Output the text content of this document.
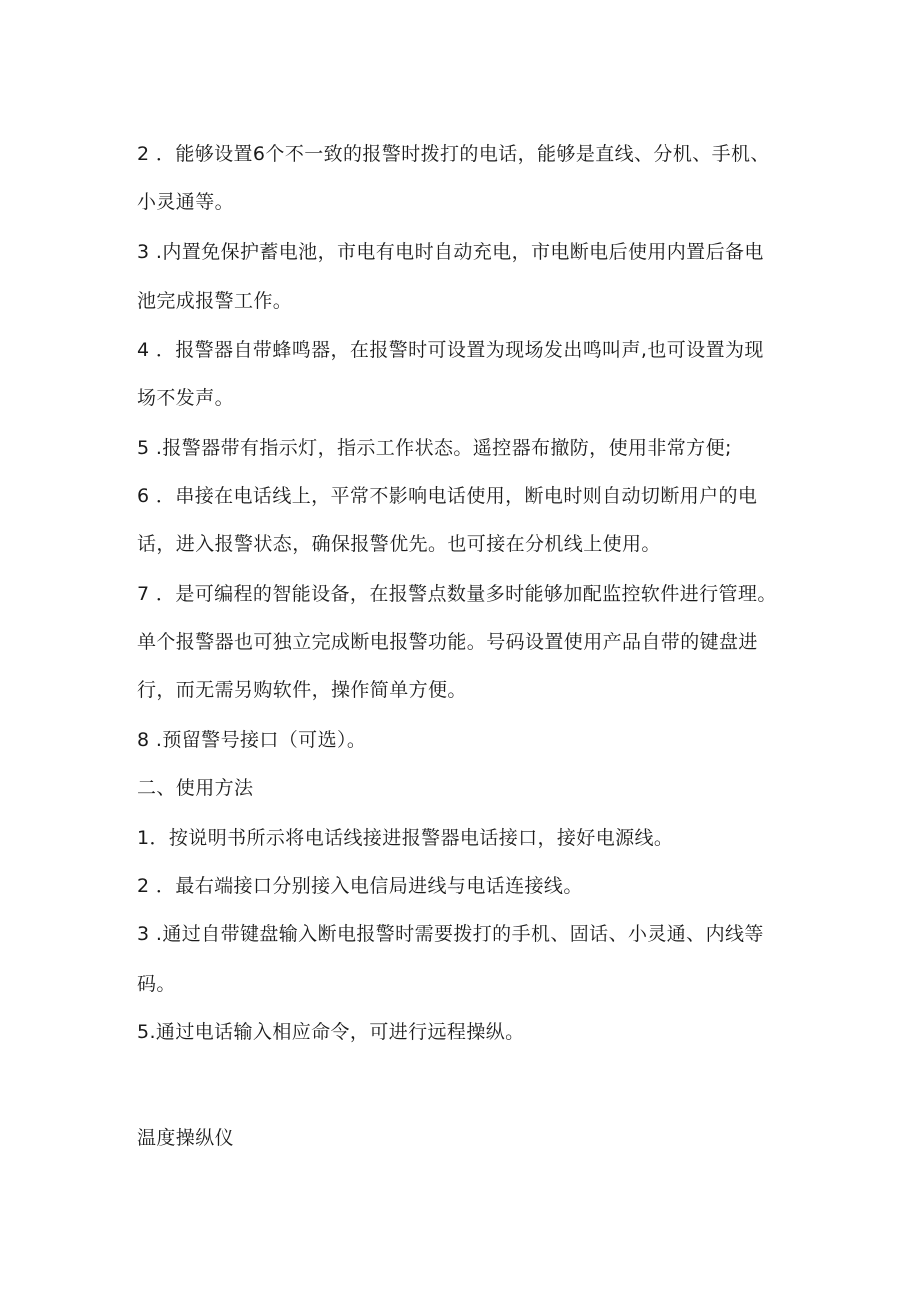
2 ．能够设置6个不一致的报警时拨打的电话，能够是直线、分机、手机、
小灵通等。
3 .内置免保护蓄电池，市电有电时自动充电，市电断电后使用内置后备电
池完成报警工作。
4 ．报警器自带蜂鸣器，在报警时可设置为现场发出鸣叫声,也可设置为现
场不发声。
5 .报警器带有指示灯，指示工作状态。遥控器布撤防，使用非常方便;
6 ．串接在电话线上，平常不影响电话使用，断电时则自动切断用户的电
话，进入报警状态，确保报警优先。也可接在分机线上使用。
7 ．是可编程的智能设备，在报警点数量多时能够加配监控软件进行管理。
单个报警器也可独立完成断电报警功能。号码设置使用产品自带的键盘进
行，而无需另购软件，操作简单方便。
8 .预留警号接口（可选）。
二、使用方法
1．按说明书所示将电话线接进报警器电话接口，接好电源线。
2 ．最右端接口分别接入电信局进线与电话连接线。
3 .通过自带键盘输入断电报警时需要拨打的手机、固话、小灵通、内线等
码。
5.通过电话输入相应命令，可进行远程操纵。
温度操纵仪
